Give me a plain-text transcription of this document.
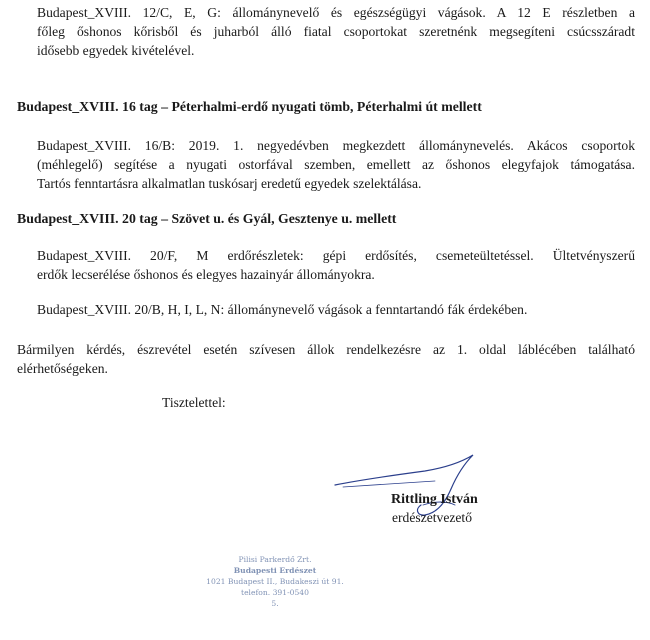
Budapest_XVIII. 12/C, E, G: állománynevelő és egészségügyi vágások. A 12 E részletben a
főleg őshonos kőrisből és juharból álló fiatal csoportokat szeretnénk megsegíteni csúcsszáradt
idősebb egyedek kivételével.
Budapest_XVIII. 16 tag – Péterhalmi-erdő nyugati tömb, Péterhalmi út mellett
Budapest_XVIII. 16/B: 2019. 1. negyedévben megkezdett állománynevelés. Akácos csoportok
(méhlegelő) segítése a nyugati ostorfával szemben, emellett az őshonos elegyfajok támogatása.
Tartós fenntartásra alkalmatlan tuskósarj eredetű egyedek szelektálása.
Budapest_XVIII. 20 tag – Szövet u. és Gyál, Gesztenye u. mellett
Budapest_XVIII. 20/F, M erdőrészletek: gépi erdősítés, csemeteültetéssel. Ültetvényszerű
erdők lecserélése őshonos és elegyes hazainyár állományokra.
Budapest_XVIII. 20/B, H, I, L, N: állománynevelő vágások a fenntartandó fák érdekében.
Bármilyen kérdés, észrevétel esetén szívesen állok rendelkezésre az 1. oldal láblécében található
elérhetőségeken.
Tisztelettel:
Rittling István
erdészetvezető
Pilisi Parkerdő Zrt.
Budapesti Erdészet
1021 Budapest II., Budakeszi út 91.
telefon. 391-0540
5.
